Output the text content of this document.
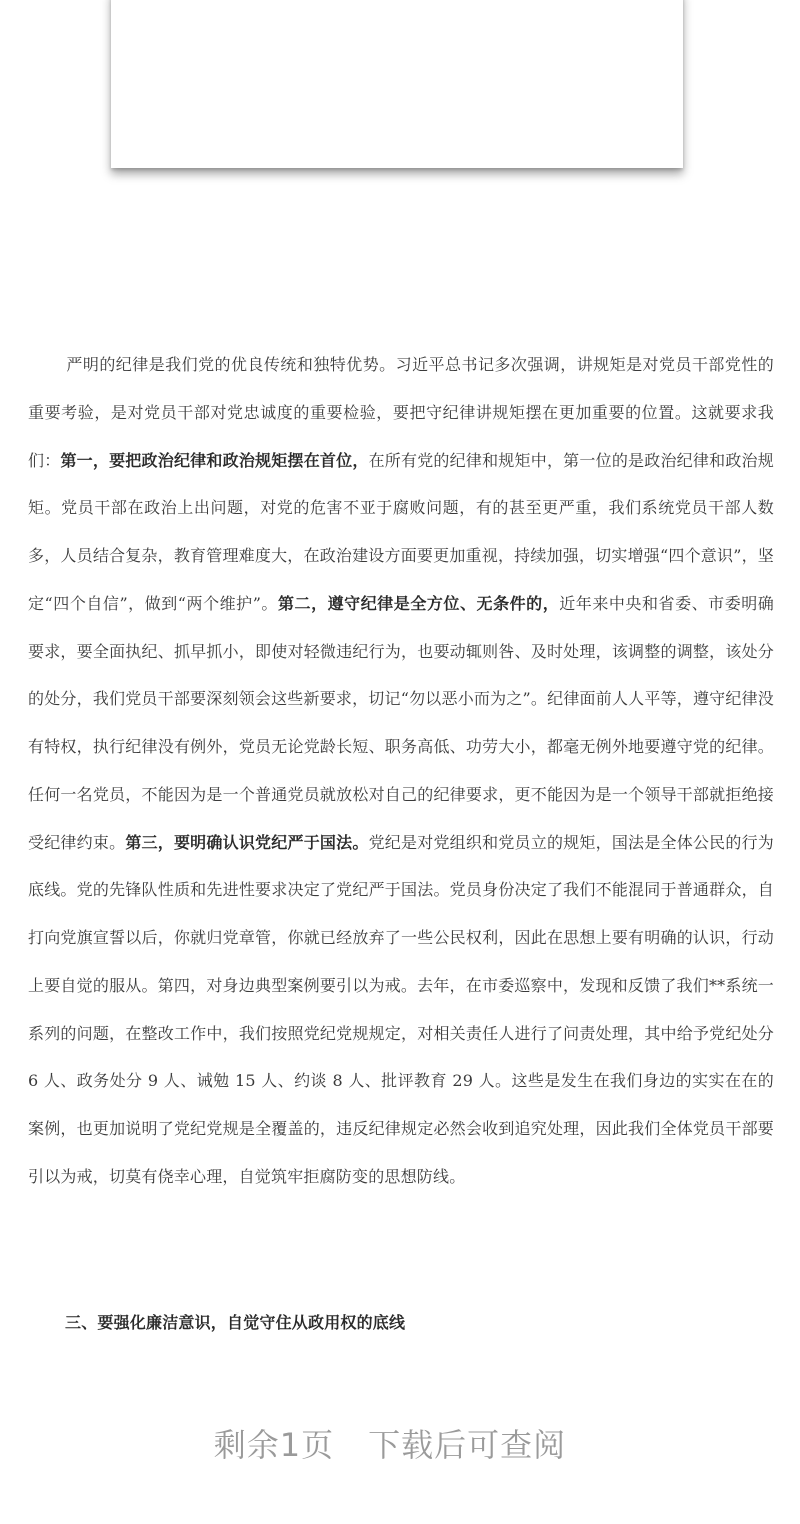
严明的纪律是我们党的优良传统和独特优势。习近平总书记多次强调，讲规矩是对党员干部党性的重要考验，是对党员干部对党忠诚度的重要检验，要把守纪律讲规矩摆在更加重要的位置。这就要求我们：第一，要把政治纪律和政治规矩摆在首位，在所有党的纪律和规矩中，第一位的是政治纪律和政治规矩。党员干部在政治上出问题，对党的危害不亚于腐败问题，有的甚至更严重，我们系统党员干部人数多，人员结合复杂，教育管理难度大，在政治建设方面要更加重视，持续加强，切实增强“四个意识”，坚定“四个自信”，做到“两个维护”。第二，遵守纪律是全方位、无条件的，近年来中央和省委、市委明确要求，要全面执纪、抓早抓小，即使对轻微违纪行为，也要动辄则咎、及时处理，该调整的调整，该处分的处分，我们党员干部要深刻领会这些新要求，切记“勿以恶小而为之”。纪律面前人人平等，遵守纪律没有特权，执行纪律没有例外，党员无论党龄长短、职务高低、功劳大小，都毫无例外地要遵守党的纪律。任何一名党员，不能因为是一个普通党员就放松对自己的纪律要求，更不能因为是一个领导干部就拒绝接受纪律约束。第三，要明确认识党纪严于国法。党纪是对党组织和党员立的规矩，国法是全体公民的行为底线。党的先锋队性质和先进性要求决定了党纪严于国法。党员身份决定了我们不能混同于普通群众，自打向党旗宣誓以后，你就归党章管，你就已经放弃了一些公民权利，因此在思想上要有明确的认识，行动上要自觉的服从。第四，对身边典型案例要引以为戒。去年，在市委巡察中，发现和反馈了我们**系统一系列的问题，在整改工作中，我们按照党纪党规规定，对相关责任人进行了问责处理，其中给予党纪处分 6 人、政务处分 9 人、诫勉 15 人、约谈 8 人、批评教育 29 人。这些是发生在我们身边的实实在在的案例，也更加说明了党纪党规是全覆盖的，违反纪律规定必然会收到追究处理，因此我们全体党员干部要引以为戒，切莫有侥幸心理，自觉筑牢拒腐防变的思想防线。

三、要强化廉洁意识，自觉守住从政用权的底线
剩余1页 下载后可查阅
